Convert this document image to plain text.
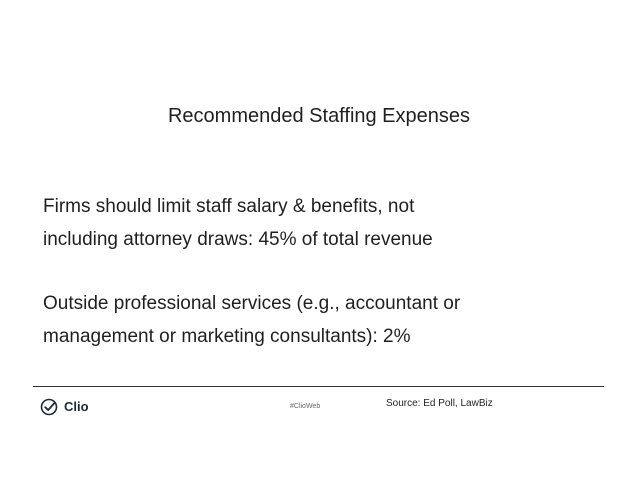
Recommended Staffing Expenses
Firms should limit staff salary & benefits, not
including attorney draws: 45% of total revenue
Outside professional services (e.g., accountant or
management or marketing consultants): 2%
Clio	#ClioWeb	Source: Ed Poll, LawBiz
